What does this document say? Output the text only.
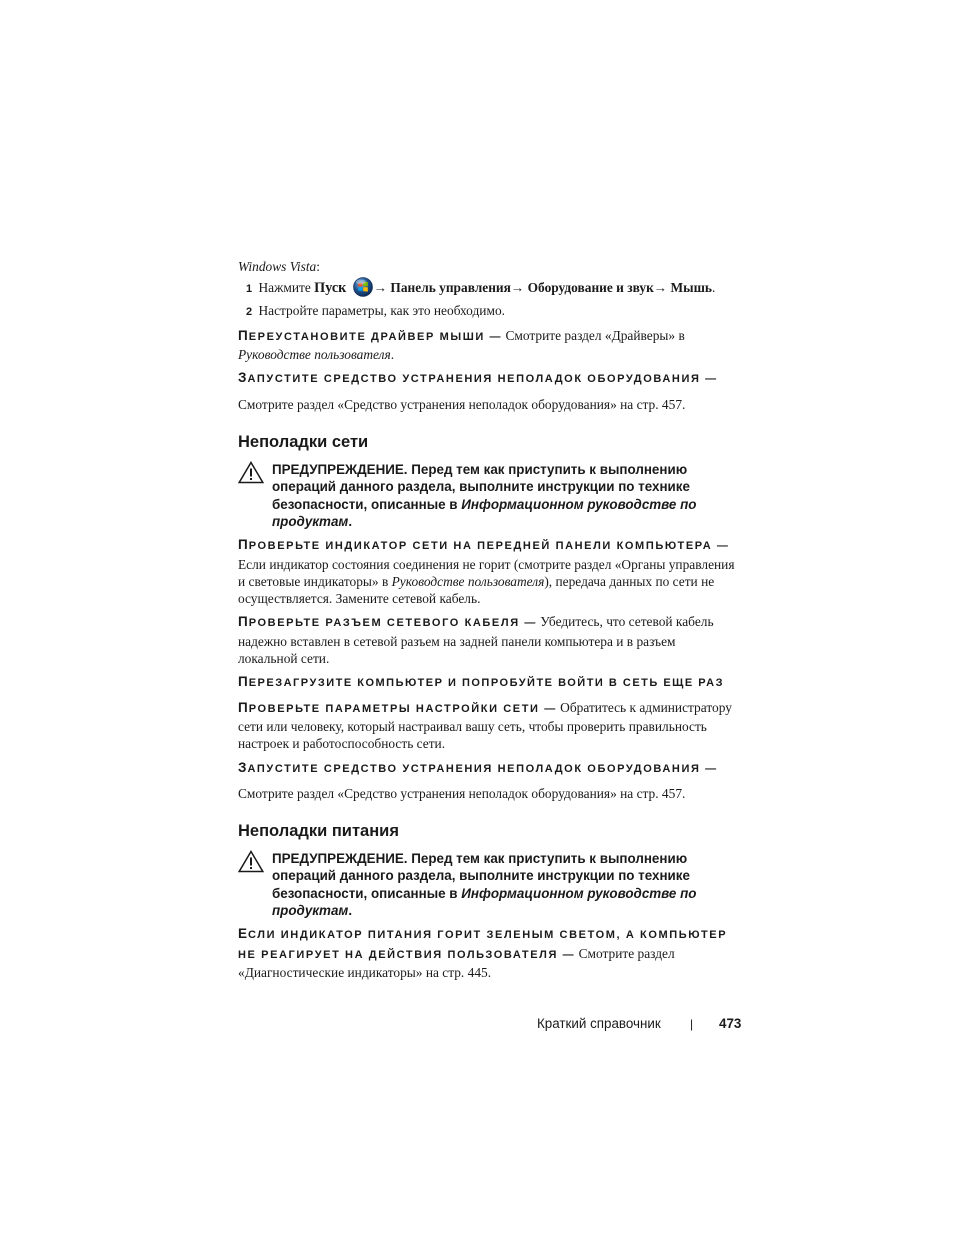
Windows Vista:

1 Нажмите Пуск → Панель управления→ Оборудование и звук→ Мышь.

2 Настройте параметры, как это необходимо.

ПЕРЕУСТАНОВИТЕ ДРАЙВЕР МЫШИ — Смотрите раздел «Драйверы» в Руководстве пользователя.

ЗАПУСТИТЕ СРЕДСТВО УСТРАНЕНИЯ НЕПОЛАДОК ОБОРУДОВАНИЯ —

Смотрите раздел «Средство устранения неполадок оборудования» на стр. 457.

Неполадки сети

ПРЕДУПРЕЖДЕНИЕ. Перед тем как приступить к выполнению операций данного раздела, выполните инструкции по технике безопасности, описанные в Информационном руководстве по продуктам.

ПРОВЕРЬТЕ ИНДИКАТОР СЕТИ НА ПЕРЕДНЕЙ ПАНЕЛИ КОМПЬЮТЕРА — Если индикатор состояния соединения не горит (смотрите раздел «Органы управления и световые индикаторы» в Руководстве пользователя), передача данных по сети не осуществляется. Замените сетевой кабель.

ПРОВЕРЬТЕ РАЗЪЕМ СЕТЕВОГО КАБЕЛЯ — Убедитесь, что сетевой кабель надежно вставлен в сетевой разъем на задней панели компьютера и в разъем локальной сети.

ПЕРЕЗАГРУЗИТЕ КОМПЬЮТЕР И ПОПРОБУЙТЕ ВОЙТИ В СЕТЬ ЕЩЕ РАЗ

ПРОВЕРЬТЕ ПАРАМЕТРЫ НАСТРОЙКИ СЕТИ — Обратитесь к администратору сети или человеку, который настраивал вашу сеть, чтобы проверить правильность настроек и работоспособность сети.

ЗАПУСТИТЕ СРЕДСТВО УСТРАНЕНИЯ НЕПОЛАДОК ОБОРУДОВАНИЯ —

Смотрите раздел «Средство устранения неполадок оборудования» на стр. 457.

Неполадки питания

ПРЕДУПРЕЖДЕНИЕ. Перед тем как приступить к выполнению операций данного раздела, выполните инструкции по технике безопасности, описанные в Информационном руководстве по продуктам.

ЕСЛИ ИНДИКАТОР ПИТАНИЯ ГОРИТ ЗЕЛЕНЫМ СВЕТОМ, А КОМПЬЮТЕР НЕ РЕАГИРУЕТ НА ДЕЙСТВИЯ ПОЛЬЗОВАТЕЛЯ — Смотрите раздел «Диагностические индикаторы» на стр. 445.

Краткий справочник | 473
